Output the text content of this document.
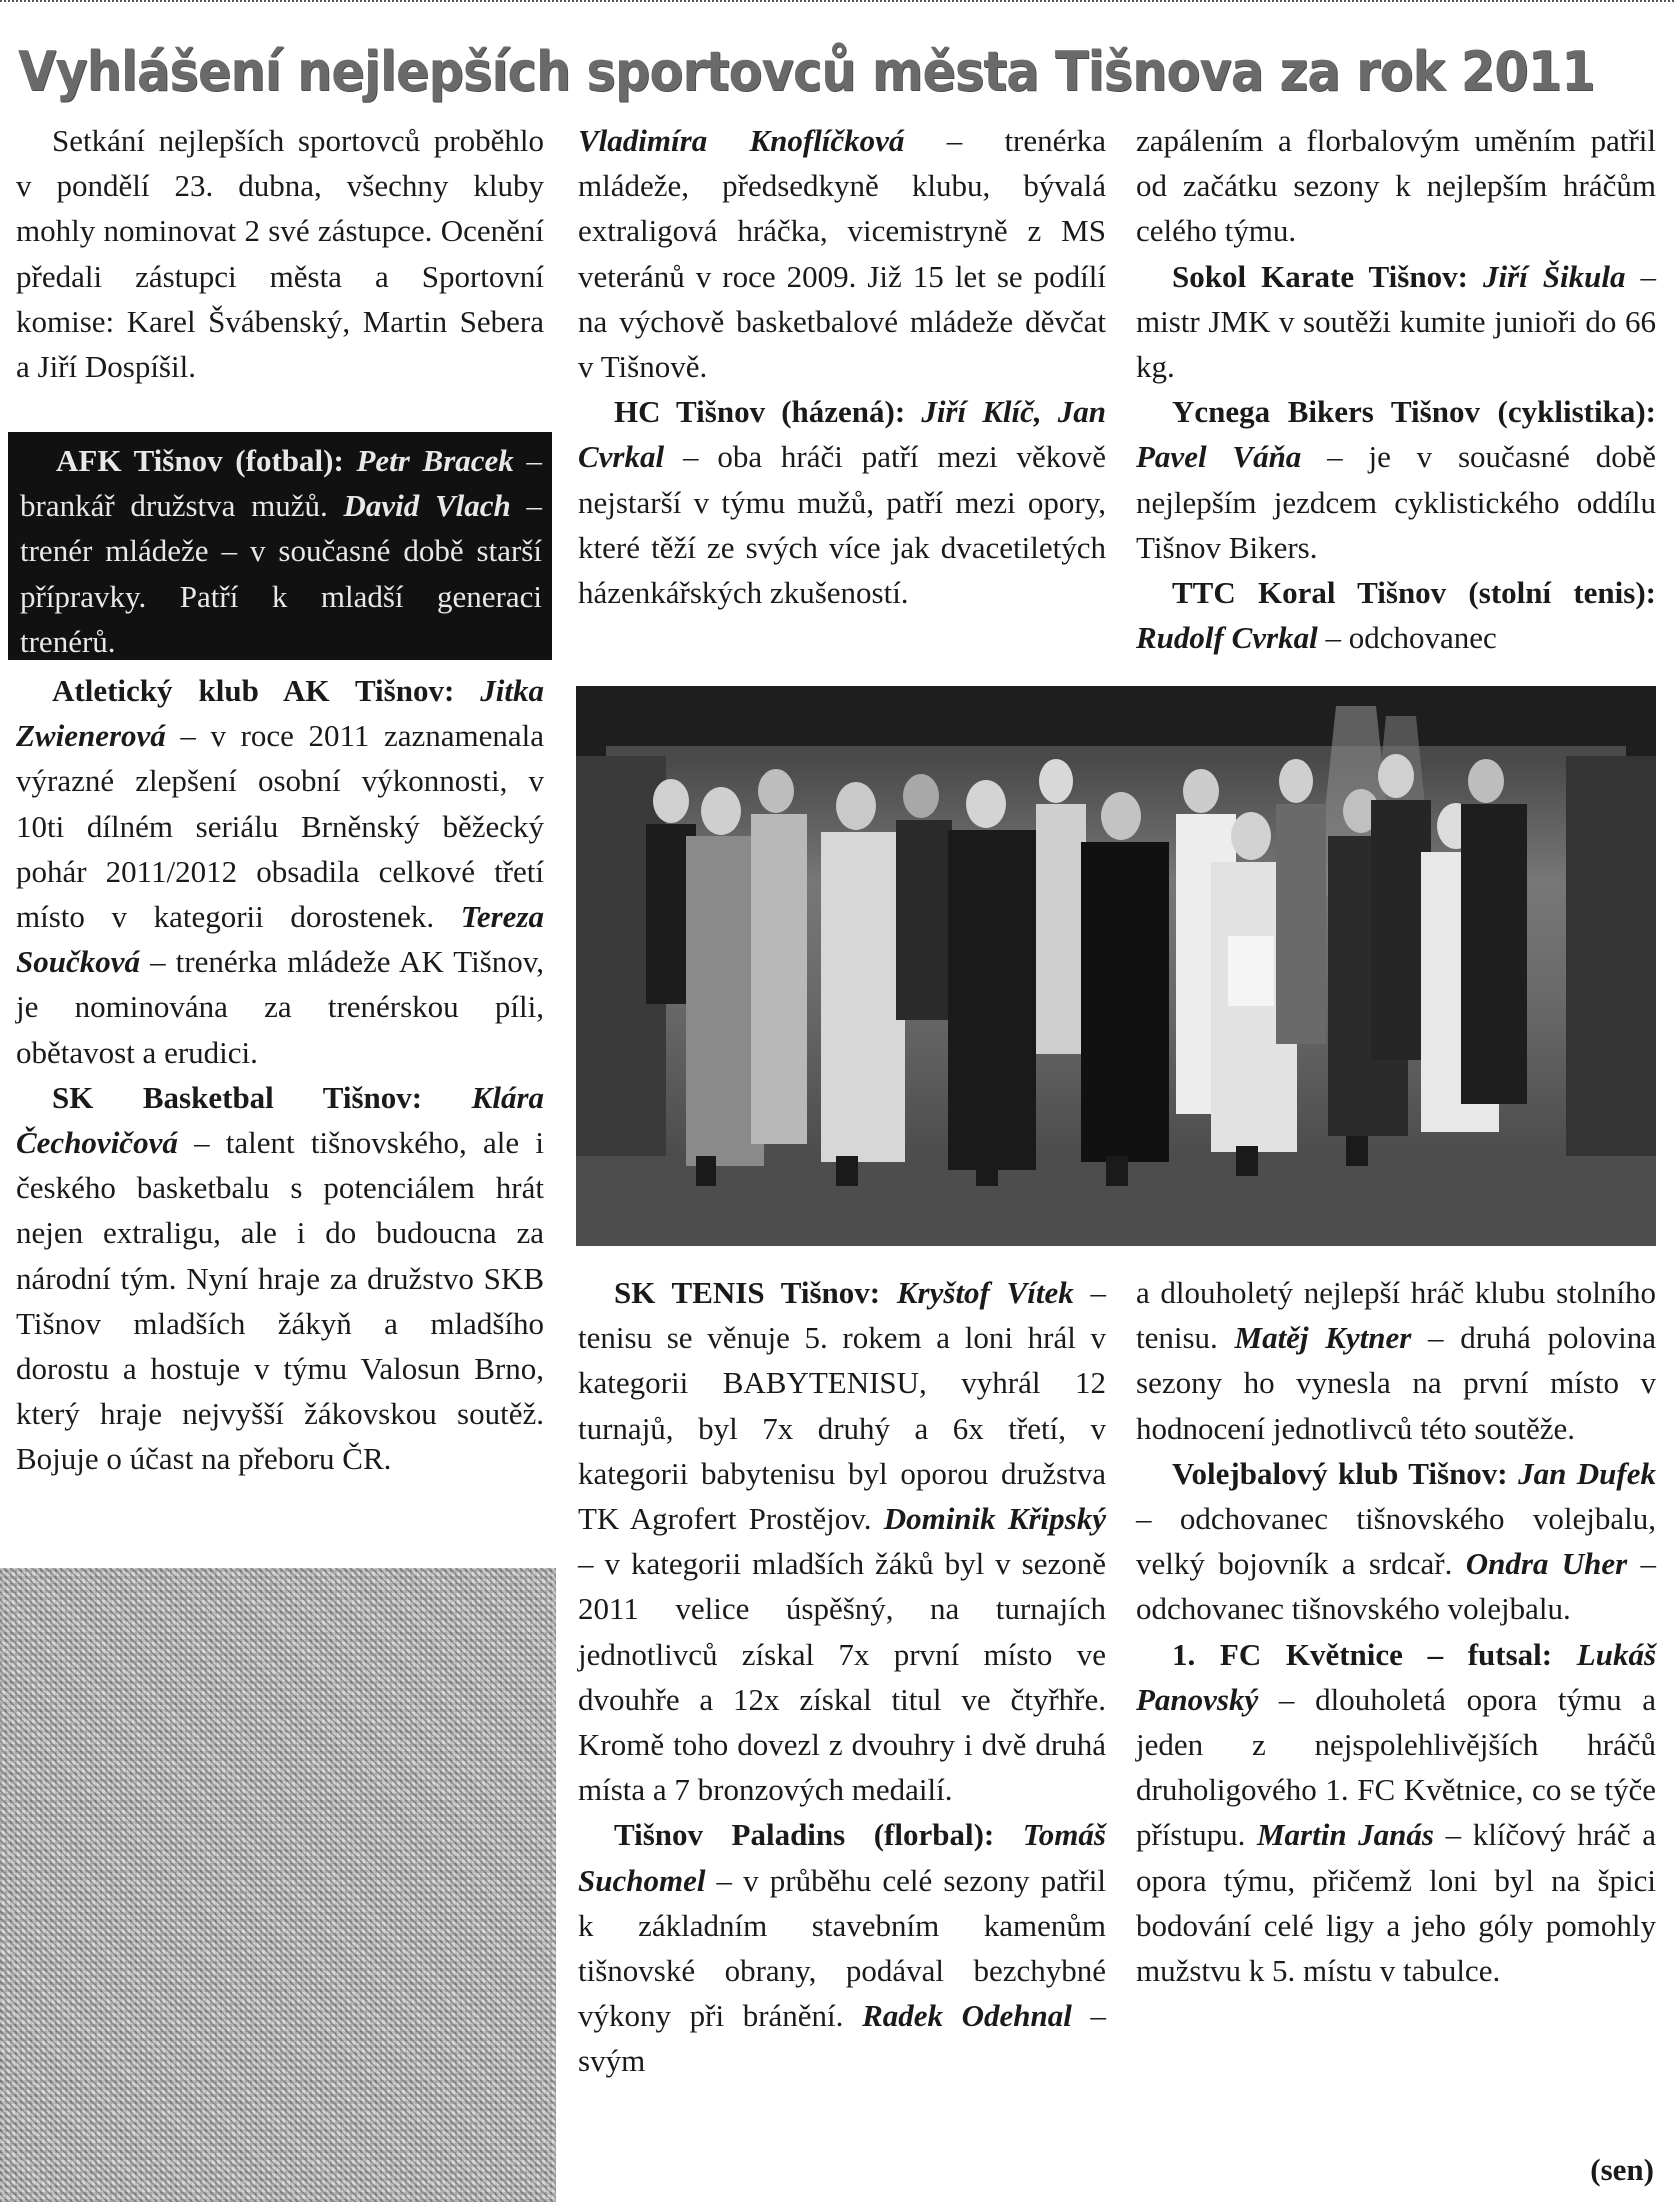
Vyhlášení nejlepších sportovců města Tišnova za rok 2011

Setkání nejlepších sportovců proběhlo v pondělí 23. dubna, všechny kluby mohly nominovat 2 své zástupce. Ocenění předali zástupci města a Sportovní komise: Karel Švábenský, Martin Sebera a Jiří Dospíšil.

AFK Tišnov (fotbal): Petr Bracek – brankář družstva mužů. David Vlach – trenér mládeže – v současné době starší přípravky. Patří k mladší generaci trenérů.

Atletický klub AK Tišnov: Jitka Zwienerová – v roce 2011 zaznamenala výrazné zlepšení osobní výkonnosti, v 10ti dílném seriálu Brněnský běžecký pohár 2011/2012 obsadila celkové třetí místo v kategorii dorostenek. Tereza Součková – trenérka mládeže AK Tišnov, je nominována za trenérskou píli, obětavost a erudici.

SK Basketbal Tišnov: Klára Čechovičová – talent tišnovského, ale i českého basketbalu s potenciálem hrát nejen extraligu, ale i do budoucna za národní tým. Nyní hraje za družstvo SKB Tišnov mladších žákyň a mladšího dorostu a hostuje v týmu Valosun Brno, který hraje nejvyšší žákovskou soutěž. Bojuje o účast na přeboru ČR.

Vladimíra Knoflíčková – trenérka mládeže, předsedkyně klubu, bývalá extraligová hráčka, vicemistryně z MS veteránů v roce 2009. Již 15 let se podílí na výchově basketbalové mládeže děvčat v Tišnově.

HC Tišnov (házená): Jiří Klíč, Jan Cvrkal – oba hráči patří mezi věkově nejstarší v týmu mužů, patří mezi opory, které těží ze svých více jak dvacetiletých házenkářských zkušeností.

zapálením a florbalovým uměním patřil od začátku sezony k nejlepším hráčům celého týmu.

Sokol Karate Tišnov: Jiří Šikula – mistr JMK v soutěži kumite junioři do 66 kg.

Ycnega Bikers Tišnov (cyklistika): Pavel Váňa – je v současné době nejlepším jezdcem cyklistického oddílu Tišnov Bikers.

TTC Koral Tišnov (stolní tenis): Rudolf Cvrkal – odchovanec

SK TENIS Tišnov: Kryštof Vítek – tenisu se věnuje 5. rokem a loni hrál v kategorii BABYTENISU, vyhrál 12 turnajů, byl 7x druhý a 6x třetí, v kategorii babytenisu byl oporou družstva TK Agrofert Prostějov. Dominik Křipský – v kategorii mladších žáků byl v sezoně 2011 velice úspěšný, na turnajích jednotlivců získal 7x první místo ve dvouhře a 12x získal titul ve čtyřhře. Kromě toho dovezl z dvouhry i dvě druhá místa a 7 bronzových medailí.

Tišnov Paladins (florbal): Tomáš Suchomel – v průběhu celé sezony patřil k základním stavebním kamenům tišnovské obrany, podával bezchybné výkony při bránění. Radek Odehnal – svým

a dlouholetý nejlepší hráč klubu stolního tenisu. Matěj Kytner – druhá polovina sezony ho vynesla na první místo v hodnocení jednotlivců této soutěže.

Volejbalový klub Tišnov: Jan Dufek – odchovanec tišnovského volejbalu, velký bojovník a srdcař. Ondra Uher – odchovanec tišnovského volejbalu.

1. FC Květnice – futsal: Lukáš Panovský – dlouholetá opora týmu a jeden z nejspolehlivějších hráčů druholigového 1. FC Květnice, co se týče přístupu. Martin Janás – klíčový hráč a opora týmu, přičemž loni byl na špici bodování celé ligy a jeho góly pomohly mužstvu k 5. místu v tabulce.

(sen)
